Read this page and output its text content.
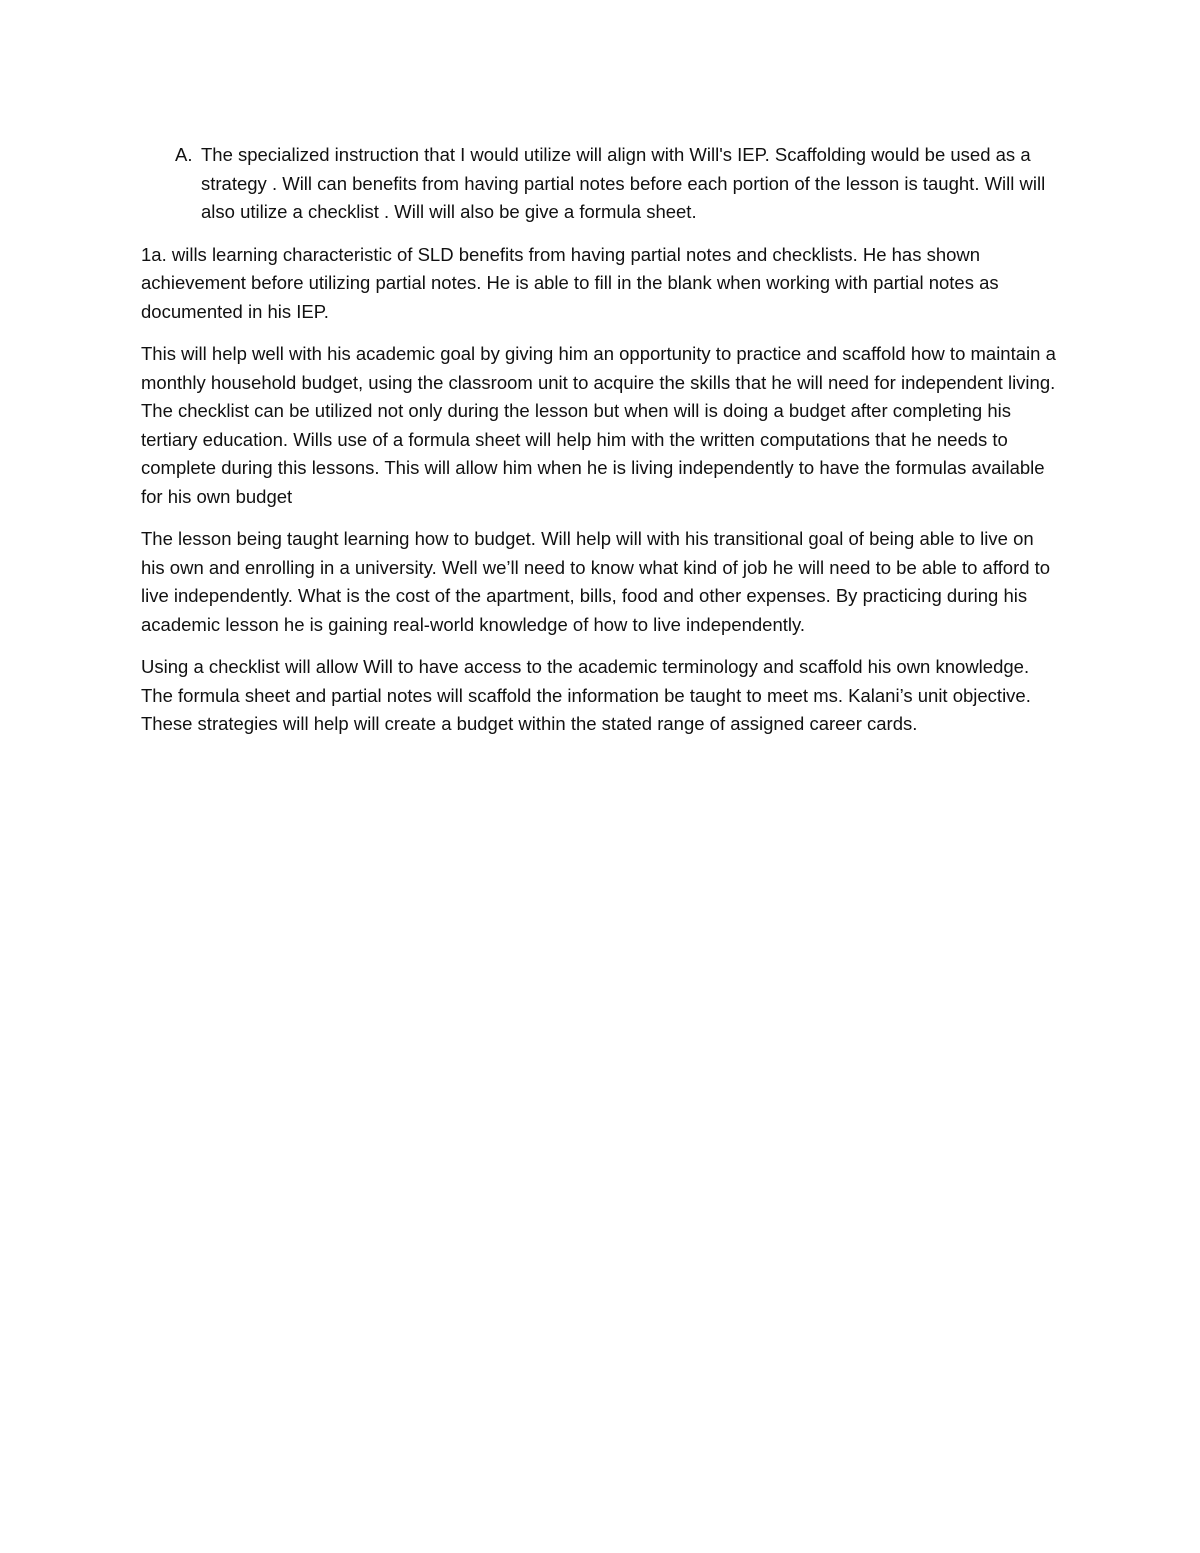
A. The specialized instruction that I would utilize will align with Will's IEP. Scaffolding would be used as a strategy . Will can benefits from having partial notes before each portion of the lesson is taught. Will will also utilize a checklist . Will will also be give a formula sheet.

1a. wills learning characteristic of SLD benefits from having partial notes and checklists. He has shown achievement before utilizing partial notes. He is able to fill in the blank when working with partial notes as documented in his IEP.

This will help well with his academic goal by giving him an opportunity to practice and scaffold how to maintain a monthly household budget, using the classroom unit to acquire the skills that he will need for independent living. The checklist can be utilized not only during the lesson but when will is doing a budget after completing his tertiary education. Wills use of a formula sheet will help him with the written computations that he needs to complete during this lessons. This will allow him when he is living independently to have the formulas available for his own budget

The lesson being taught learning how to budget. Will help will with his transitional goal of being able to live on his own and enrolling in a university. Well we’ll need to know what kind of job he will need to be able to afford to live independently. What is the cost of the apartment, bills, food and other expenses. By practicing during his academic lesson he is gaining real-world knowledge of how to live independently.

Using a checklist will allow Will to have access to the academic terminology and scaffold his own knowledge. The formula sheet and partial notes will scaffold the information be taught to meet ms. Kalani’s unit objective. These strategies will help will create a budget within the stated range of assigned career cards.
